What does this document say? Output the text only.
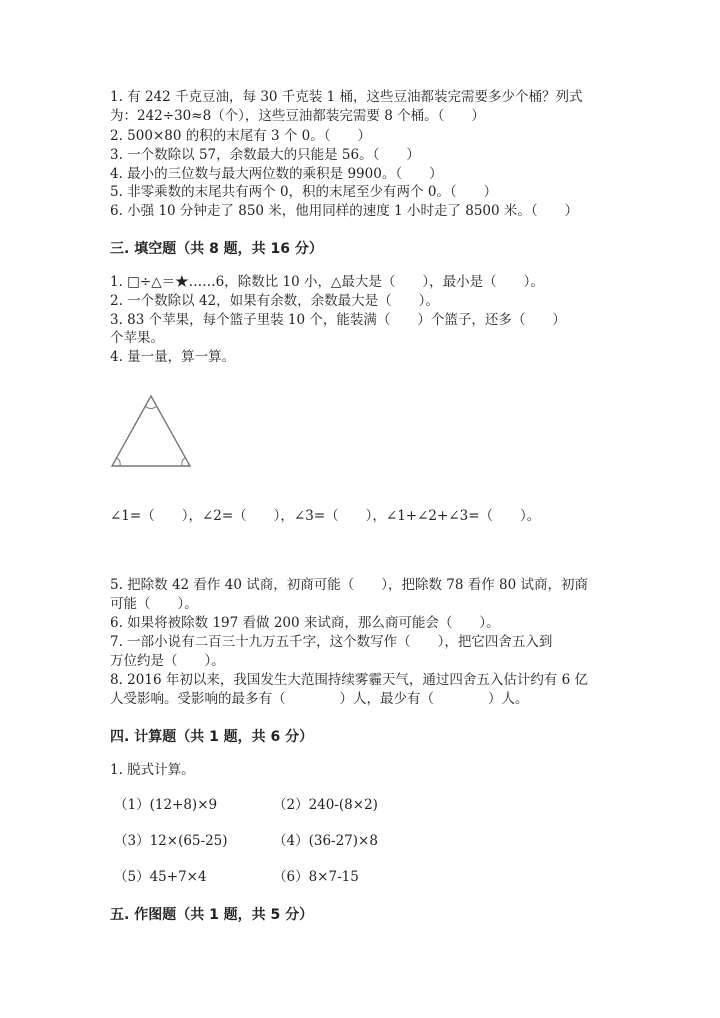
1. 有 242 千克豆油，每 30 千克装 1 桶，这些豆油都装完需要多少个桶？列式
为：242÷30≈8（个），这些豆油都装完需要 8 个桶。（　　）
2. 500×80 的积的末尾有 3 个 0。（　　）
3. 一个数除以 57，余数最大的只能是 56。（　　）
4. 最小的三位数与最大两位数的乘积是 9900。（　　）
5. 非零乘数的末尾共有两个 0，积的末尾至少有两个 0。（　　）
6. 小强 10 分钟走了 850 米，他用同样的速度 1 小时走了 8500 米。（　　）
三. 填空题（共 8 题，共 16 分）
1. □÷△＝★……6，除数比 10 小，△最大是（　　），最小是（　　）。
2. 一个数除以 42，如果有余数，余数最大是（　　）。
3. 83 个苹果，每个篮子里装 10 个，能装满（　　）个篮子，还多（　　）
个苹果。
4. 量一量，算一算。
∠1=（　　），∠2=（　　），∠3=（　　），∠1+∠2+∠3=（　　）。
5. 把除数 42 看作 40 试商，初商可能（　　），把除数 78 看作 80 试商，初商
可能（　　）。
6. 如果将被除数 197 看做 200 来试商，那么商可能会（　　）。
7. 一部小说有二百三十九万五千字，这个数写作（　　），把它四舍五入到
万位约是（　　）。
8. 2016 年初以来，我国发生大范围持续雾霾天气，通过四舍五入估计约有 6 亿
人受影响。受影响的最多有（　　　　）人，最少有（　　　　）人。
四. 计算题（共 1 题，共 6 分）
1. 脱式计算。
（1）(12+8)×9	（2）240-(8×2)
（3）12×(65-25)	（4）(36-27)×8
（5）45+7×4	（6）8×7-15
五. 作图题（共 1 题，共 5 分）
